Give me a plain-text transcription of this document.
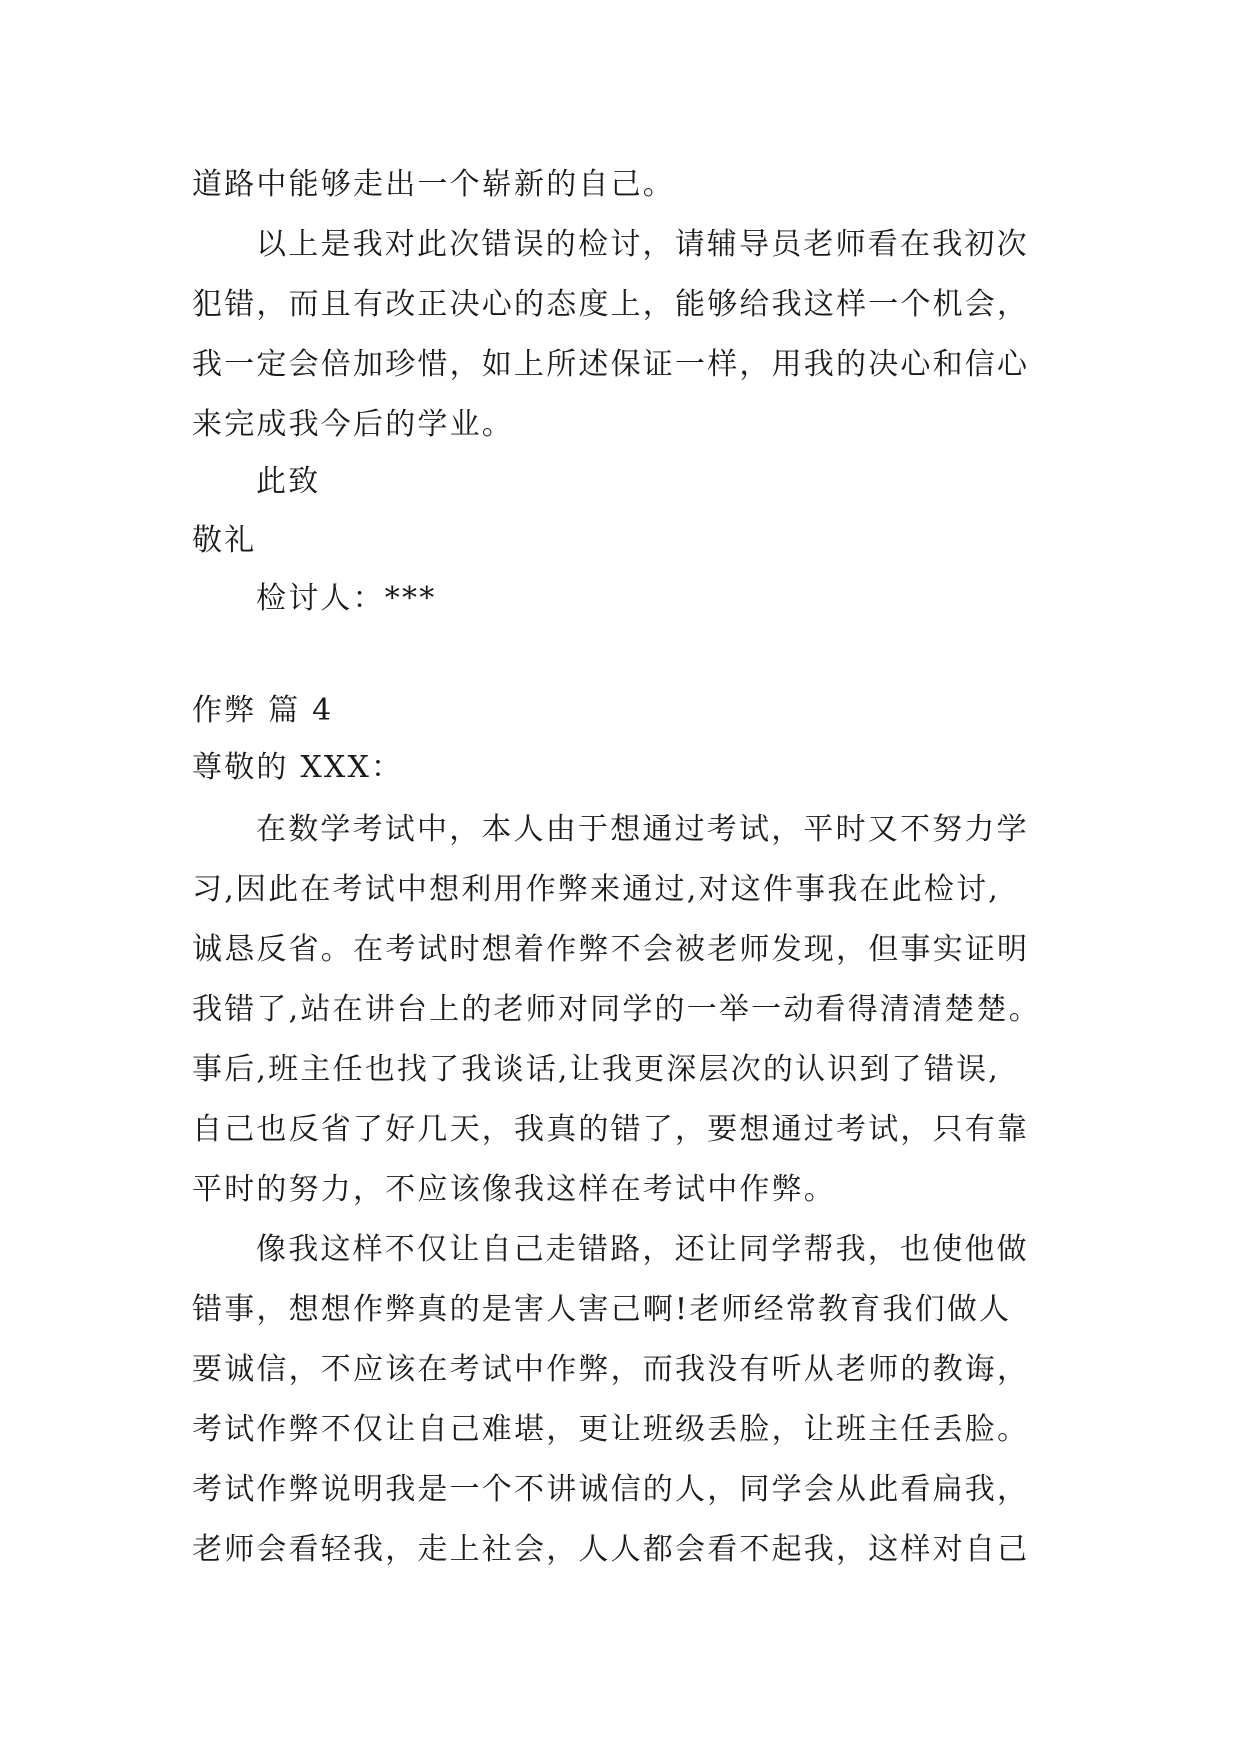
道路中能够走出一个崭新的自己。
以上是我对此次错误的检讨，请辅导员老师看在我初次
犯错，而且有改正决心的态度上，能够给我这样一个机会，
我一定会倍加珍惜，如上所述保证一样，用我的决心和信心
来完成我今后的学业。
此致
敬礼
检讨人：***
作弊 篇 4
尊敬的 XXX：
在数学考试中，本人由于想通过考试，平时又不努力学
习,因此在考试中想利用作弊来通过,对这件事我在此检讨,
诚恳反省。在考试时想着作弊不会被老师发现，但事实证明
我错了,站在讲台上的老师对同学的一举一动看得清清楚楚。
事后,班主任也找了我谈话,让我更深层次的认识到了错误,
自己也反省了好几天，我真的错了，要想通过考试，只有靠
平时的努力，不应该像我这样在考试中作弊。
像我这样不仅让自己走错路，还让同学帮我，也使他做
错事，想想作弊真的是害人害己啊!老师经常教育我们做人
要诚信，不应该在考试中作弊，而我没有听从老师的教诲，
考试作弊不仅让自己难堪，更让班级丢脸，让班主任丢脸。
考试作弊说明我是一个不讲诚信的人，同学会从此看扁我，
老师会看轻我，走上社会，人人都会看不起我，这样对自己
